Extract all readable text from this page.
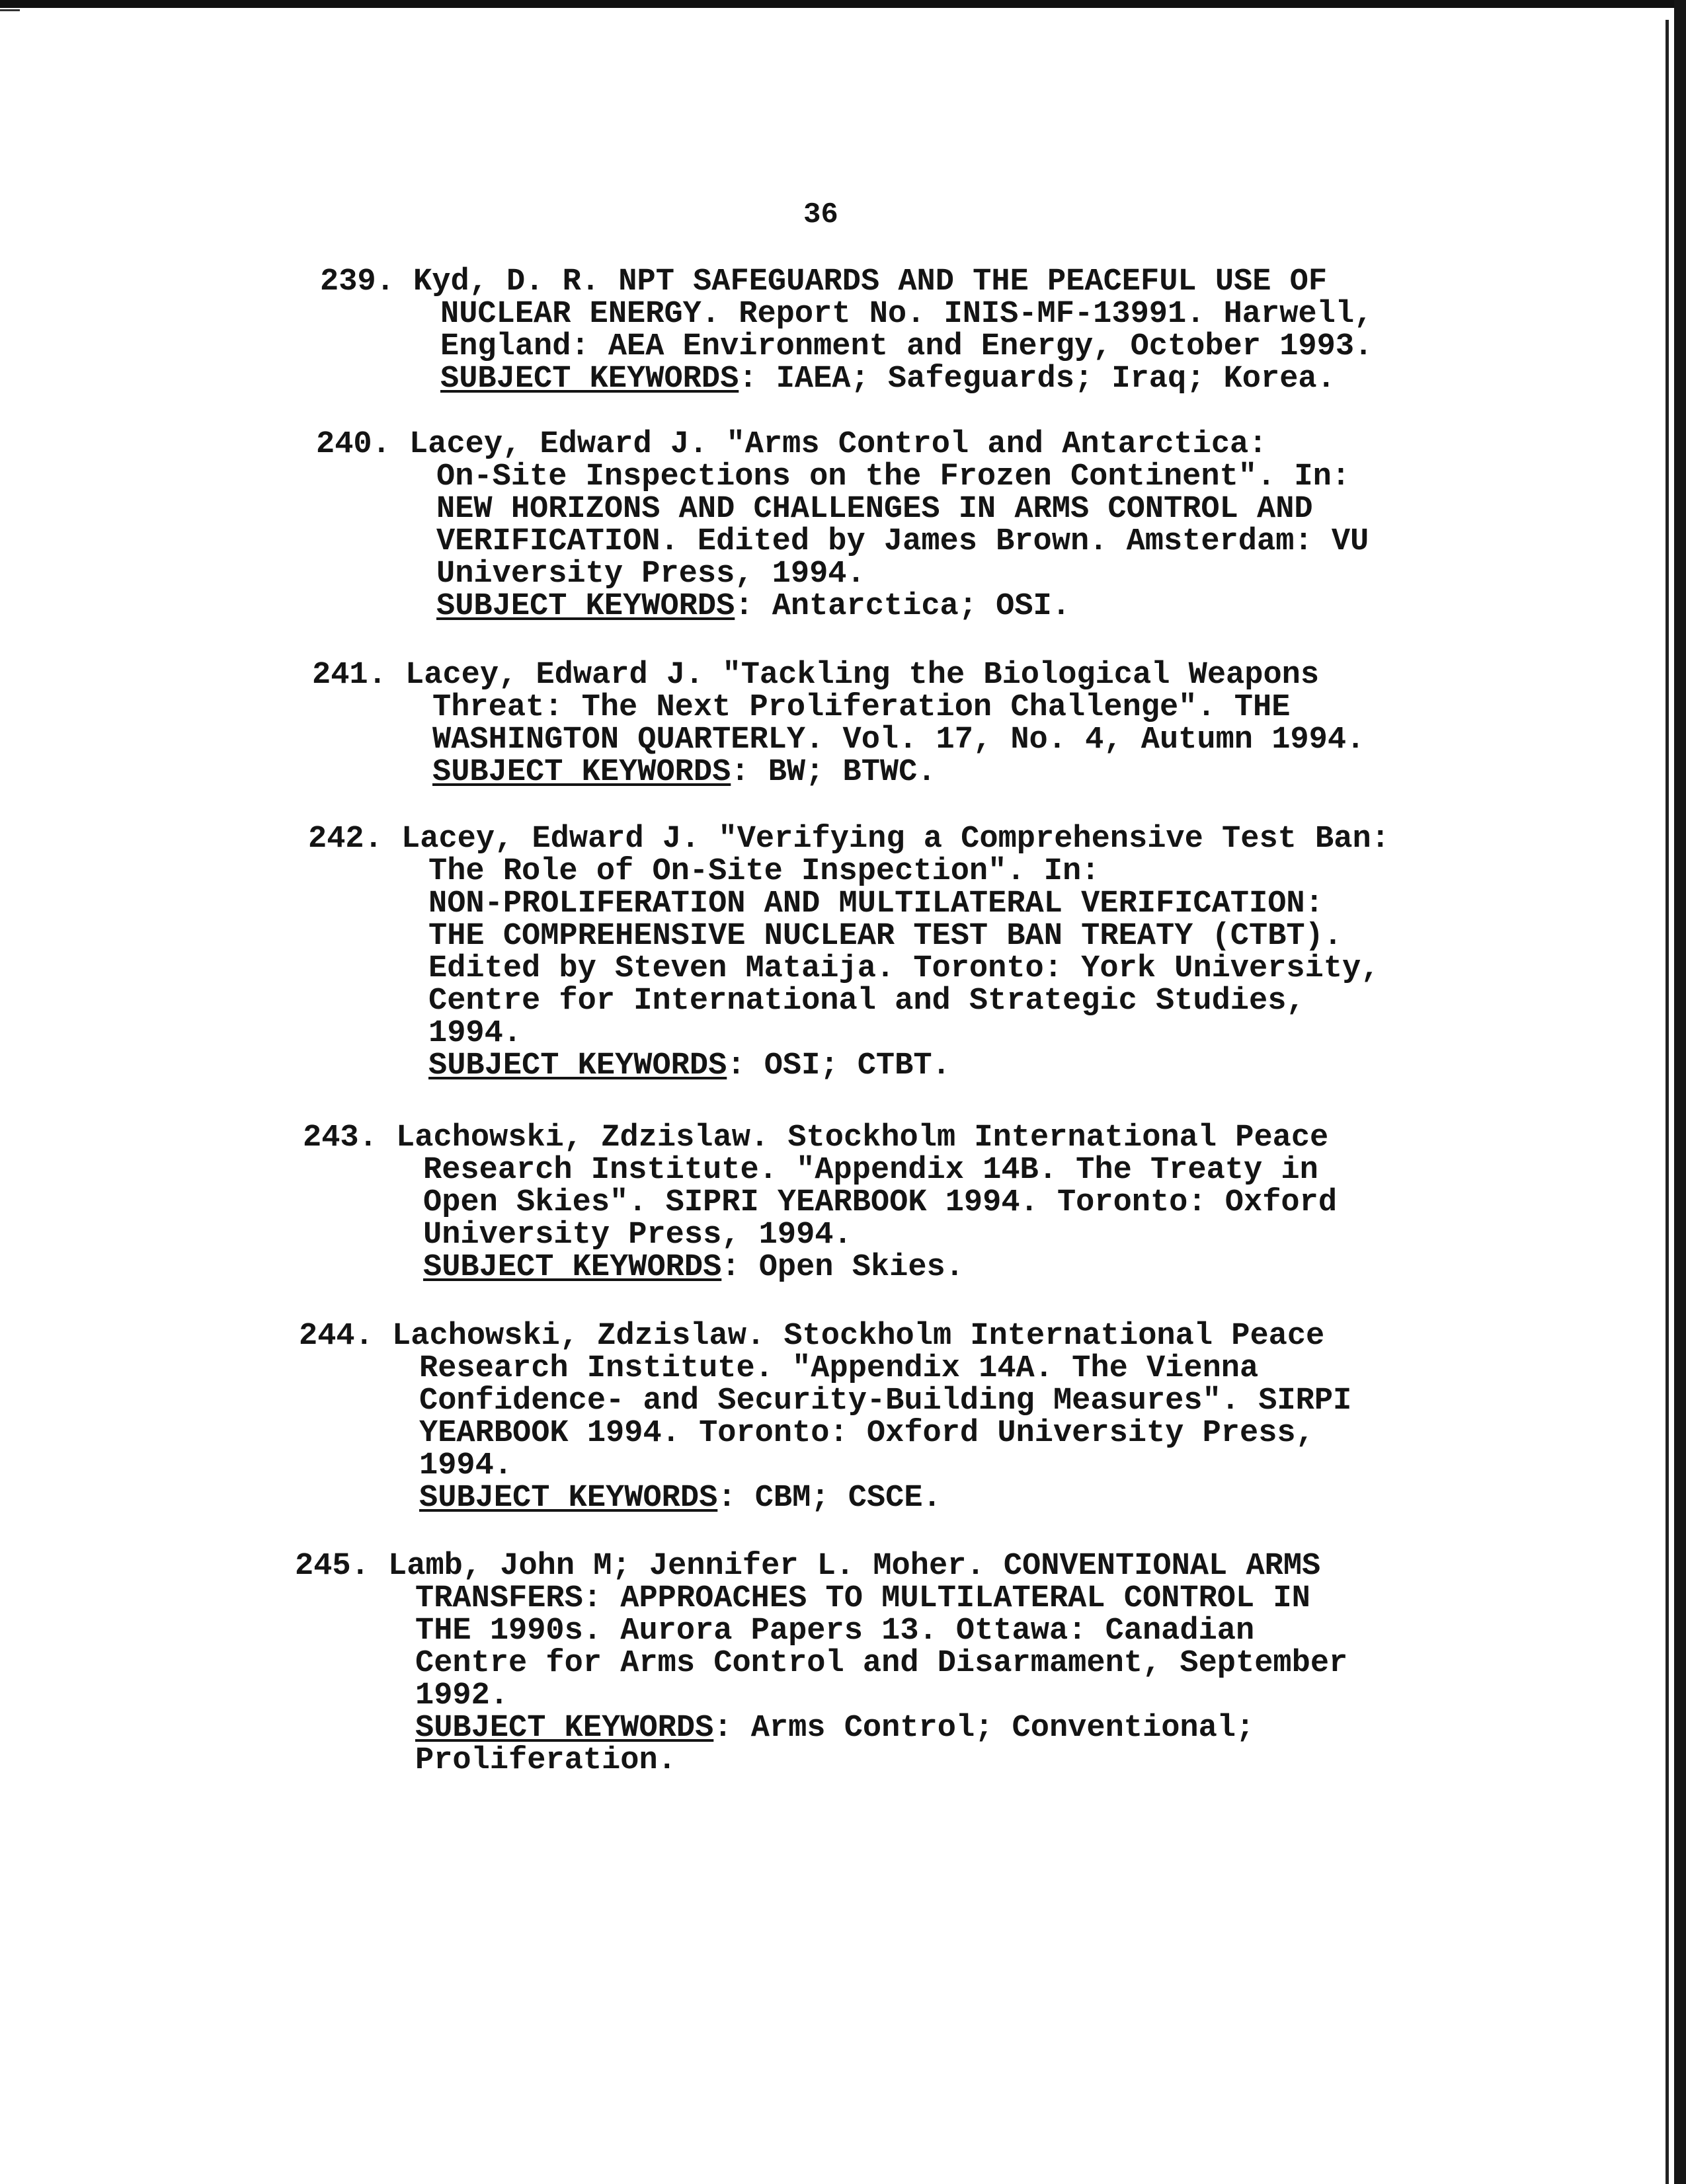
36
239. Kyd, D. R. NPT SAFEGUARDS AND THE PEACEFUL USE OF
NUCLEAR ENERGY. Report No. INIS-MF-13991. Harwell,
England: AEA Environment and Energy, October 1993.
SUBJECT KEYWORDS: IAEA; Safeguards; Iraq; Korea.
240. Lacey, Edward J. "Arms Control and Antarctica:
On-Site Inspections on the Frozen Continent". In:
NEW HORIZONS AND CHALLENGES IN ARMS CONTROL AND
VERIFICATION. Edited by James Brown. Amsterdam: VU
University Press, 1994.
SUBJECT KEYWORDS: Antarctica; OSI.
241. Lacey, Edward J. "Tackling the Biological Weapons
Threat: The Next Proliferation Challenge". THE
WASHINGTON QUARTERLY. Vol. 17, No. 4, Autumn 1994.
SUBJECT KEYWORDS: BW; BTWC.
242. Lacey, Edward J. "Verifying a Comprehensive Test Ban:
The Role of On-Site Inspection". In:
NON-PROLIFERATION AND MULTILATERAL VERIFICATION:
THE COMPREHENSIVE NUCLEAR TEST BAN TREATY (CTBT).
Edited by Steven Mataija. Toronto: York University,
Centre for International and Strategic Studies,
1994.
SUBJECT KEYWORDS: OSI; CTBT.
243. Lachowski, Zdzislaw. Stockholm International Peace
Research Institute. "Appendix 14B. The Treaty in
Open Skies". SIPRI YEARBOOK 1994. Toronto: Oxford
University Press, 1994.
SUBJECT KEYWORDS: Open Skies.
244. Lachowski, Zdzislaw. Stockholm International Peace
Research Institute. "Appendix 14A. The Vienna
Confidence- and Security-Building Measures". SIRPI
YEARBOOK 1994. Toronto: Oxford University Press,
1994.
SUBJECT KEYWORDS: CBM; CSCE.
245. Lamb, John M; Jennifer L. Moher. CONVENTIONAL ARMS
TRANSFERS: APPROACHES TO MULTILATERAL CONTROL IN
THE 1990s. Aurora Papers 13. Ottawa: Canadian
Centre for Arms Control and Disarmament, September
1992.
SUBJECT KEYWORDS: Arms Control; Conventional;
Proliferation.
